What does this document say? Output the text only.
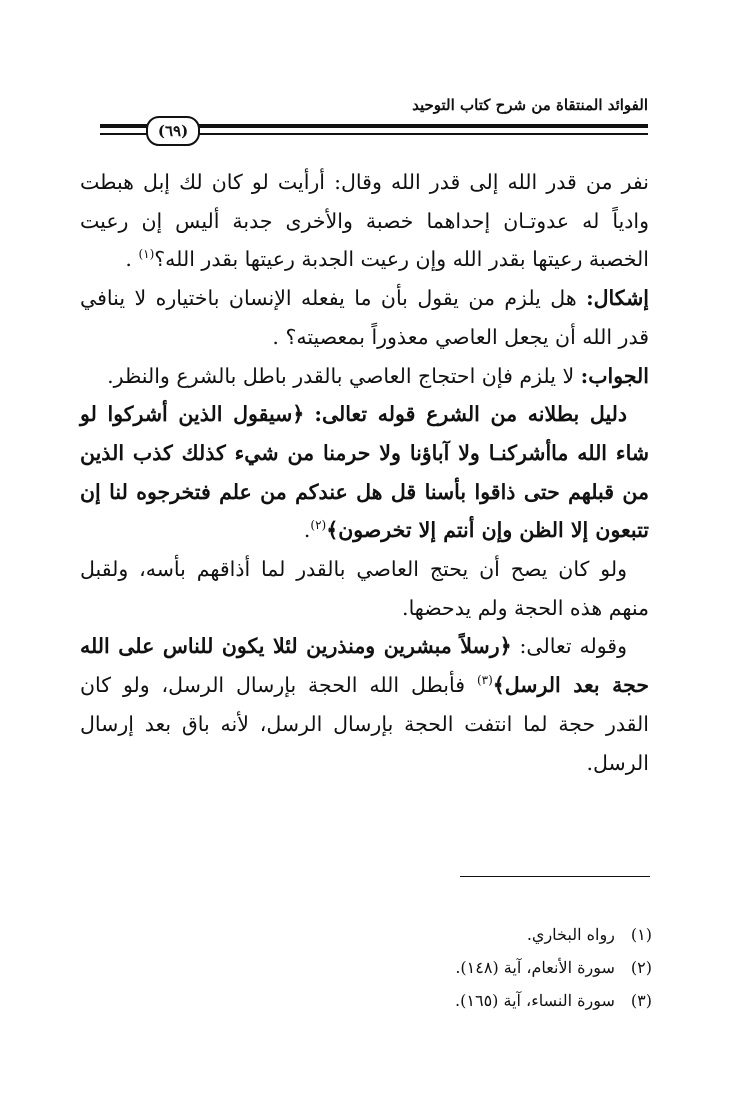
الفوائد المنتقاة من شرح كتاب التوحيد
(٦٩)

نفر من قدر الله إلى قدر الله وقال: أرأيت لو كان لك إبل هبطت وادياً له عدوتـان إحداهما خصبة والأخرى جدبة أليس إن رعيت الخصبة رعيتها بقدر الله وإن رعيت الجدبة رعيتها بقدر الله؟$^{(١)}$ .

إشكال: هل يلزم من يقول بأن ما يفعله الإنسان باختياره لا ينافي قدر الله أن يجعل العاصي معذوراً بمعصيته؟ .

الجواب: لا يلزم فإن احتجاج العاصي بالقدر باطل بالشرع والنظر.

دليل بطلانه من الشرع قوله تعالى: ﴿سيقول الذين أشركوا لو شاء الله ماأشركنـا ولا آباؤنا ولا حرمنا من شيء كذلك كذب الذين من قبلهم حتى ذاقوا بأسنا قل هل عندكم من علم فتخرجوه لنا إن تتبعون إلا الظن وإن أنتم إلا تخرصون﴾$^{(٢)}$.

ولو كان يصح أن يحتج العاصي بالقدر لما أذاقهم بأسه، ولقبل منهم هذه الحجة ولم يدحضها.

وقوله تعالى: ﴿رسلاً مبشرين ومنذرين لئلا يكون للناس على الله حجة بعد الرسل﴾$^{(٣)}$ فأبطل الله الحجة بإرسال الرسل، ولو كان القدر حجة لما انتفت الحجة بإرسال الرسل، لأنه باق بعد إرسال الرسل.

(١) رواه البخاري.
(٢) سورة الأنعام، آية (١٤٨).
(٣) سورة النساء، آية (١٦٥).
